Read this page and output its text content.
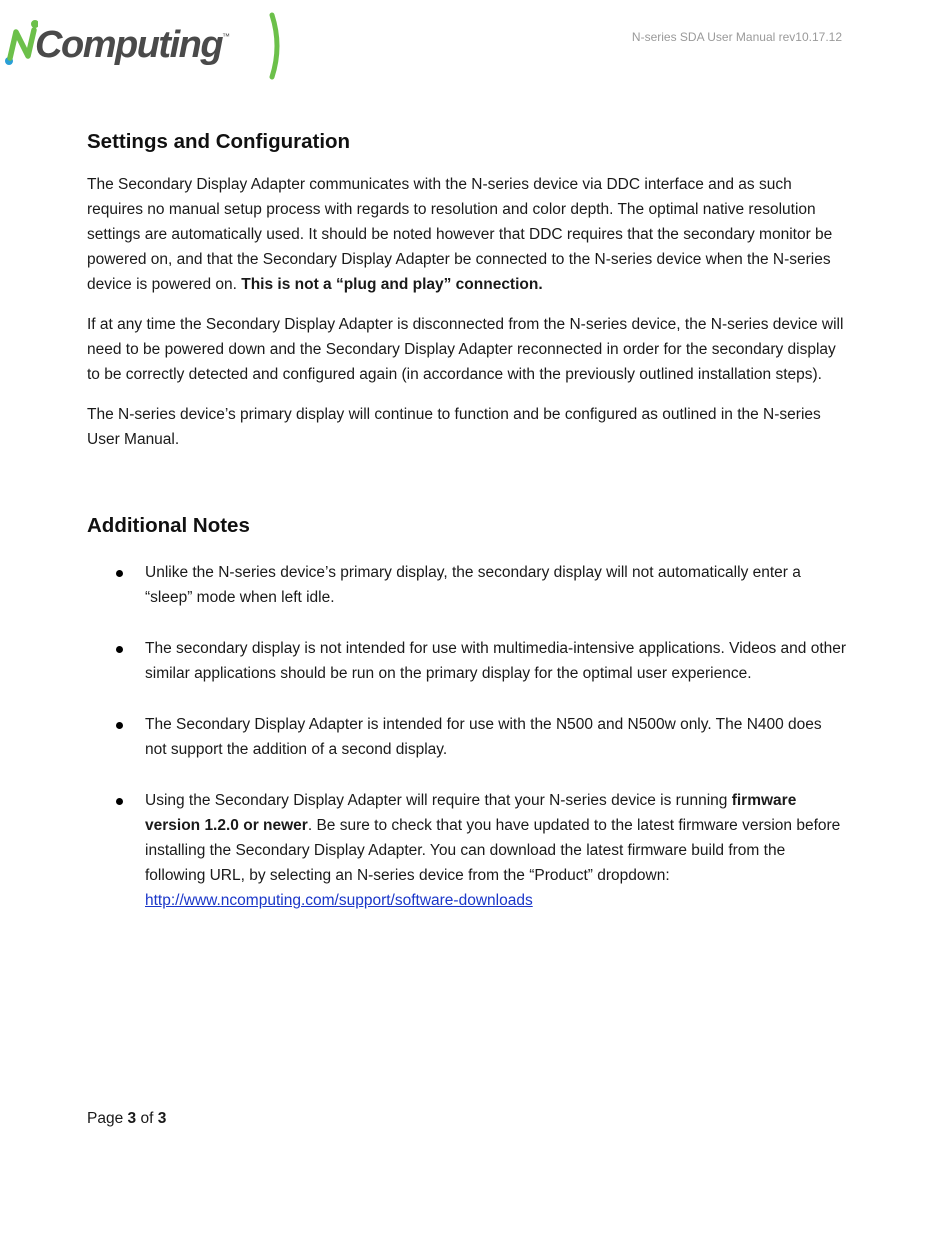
Computing ™	N-series SDA User Manual rev10.17.12
Settings and Configuration

The Secondary Display Adapter communicates with the N-series device via DDC interface and as such requires no manual setup process with regards to resolution and color depth. The optimal native resolution settings are automatically used. It should be noted however that DDC requires that the secondary monitor be powered on, and that the Secondary Display Adapter be connected to the N-series device when the N-series device is powered on. This is not a “plug and play” connection.

If at any time the Secondary Display Adapter is disconnected from the N-series device, the N-series device will need to be powered down and the Secondary Display Adapter reconnected in order for the secondary display to be correctly detected and configured again (in accordance with the previously outlined installation steps).

The N-series device’s primary display will continue to function and be configured as outlined in the N-series User Manual.

Additional Notes
Unlike the N-series device’s primary display, the secondary display will not automatically enter a “sleep” mode when left idle.
The secondary display is not intended for use with multimedia-intensive applications. Videos and other similar applications should be run on the primary display for the optimal user experience.
The Secondary Display Adapter is intended for use with the N500 and N500w only. The N400 does not support the addition of a second display.
Using the Secondary Display Adapter will require that your N-series device is running firmware version 1.2.0 or newer. Be sure to check that you have updated to the latest firmware version before installing the Secondary Display Adapter. You can download the latest firmware build from the following URL, by selecting an N-series device from the “Product” dropdown:
http://www.ncomputing.com/support/software-downloads
Page 3 of 3
